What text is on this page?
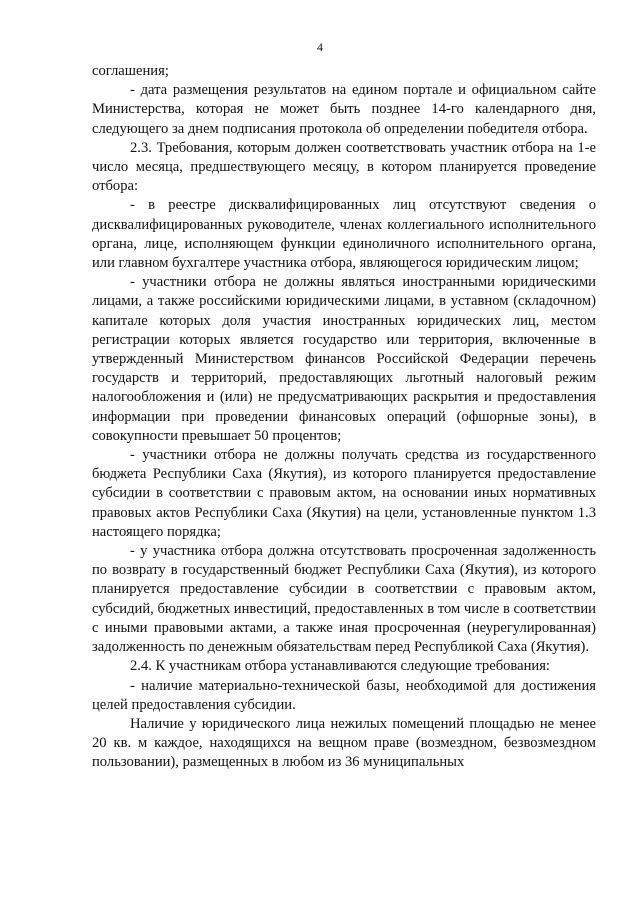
4

соглашения;

- дата размещения результатов на едином портале и официальном сайте Министерства, которая не может быть позднее 14-го календарного дня, следующего за днем подписания протокола об определении победителя отбора.

2.3. Требования, которым должен соответствовать участник отбора на 1-е число месяца, предшествующего месяцу, в котором планируется проведение отбора:

- в реестре дисквалифицированных лиц отсутствуют сведения о дисквалифицированных руководителе, членах коллегиального исполнительного органа, лице, исполняющем функции единоличного исполнительного органа, или главном бухгалтере участника отбора, являющегося юридическим лицом;

- участники отбора не должны являться иностранными юридическими лицами, а также российскими юридическими лицами, в уставном (складочном) капитале которых доля участия иностранных юридических лиц, местом регистрации которых является государство или территория, включенные в утвержденный Министерством финансов Российской Федерации перечень государств и территорий, предоставляющих льготный налоговый режим налогообложения и (или) не предусматривающих раскрытия и предоставления информации при проведении финансовых операций (офшорные зоны), в совокупности превышает 50 процентов;

- участники отбора не должны получать средства из государственного бюджета Республики Саха (Якутия), из которого планируется предоставление субсидии в соответствии с правовым актом, на основании иных нормативных правовых актов Республики Саха (Якутия) на цели, установленные пунктом 1.3 настоящего порядка;

- у участника отбора должна отсутствовать просроченная задолженность по возврату в государственный бюджет Республики Саха (Якутия), из которого планируется предоставление субсидии в соответствии с правовым актом, субсидий, бюджетных инвестиций, предоставленных в том числе в соответствии с иными правовыми актами, а также иная просроченная (неурегулированная) задолженность по денежным обязательствам перед Республикой Саха (Якутия).

2.4. К участникам отбора устанавливаются следующие требования:

- наличие материально-технической базы, необходимой для достижения целей предоставления субсидии.

Наличие у юридического лица нежилых помещений площадью не менее 20 кв. м каждое, находящихся на вещном праве (возмездном, безвозмездном пользовании), размещенных в любом из 36 муниципальных
